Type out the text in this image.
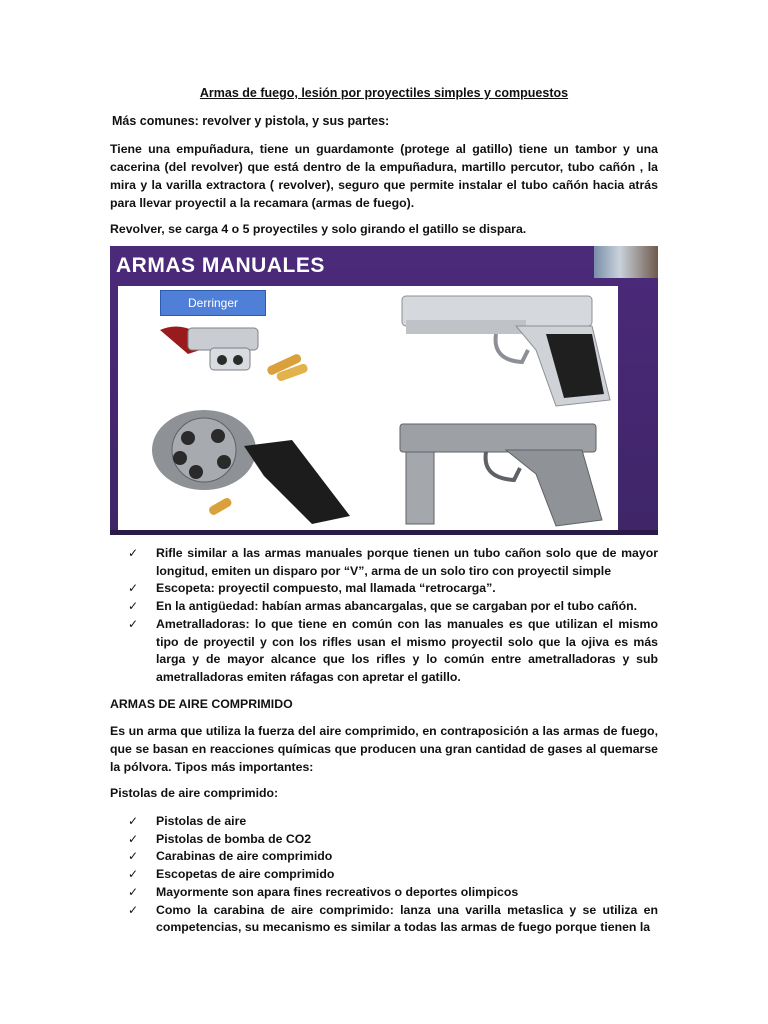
Armas de fuego, lesión por proyectiles simples y compuestos
Más comunes: revolver y pistola, y sus partes:
Tiene una empuñadura, tiene un guardamonte (protege al gatillo) tiene un tambor y una cacerina (del revolver) que está dentro de la empuñadura, martillo percutor, tubo cañón , la mira y la varilla extractora ( revolver), seguro que permite instalar el tubo cañón hacia atrás para llevar proyectil a la recamara (armas de fuego).
Revolver, se carga 4 o 5 proyectiles y solo girando el gatillo se dispara.
ARMAS MANUALES
Derringer
✓ Rifle similar a las armas manuales porque tienen un tubo cañon solo que de mayor longitud, emiten un disparo por “V”, arma de un solo tiro con proyectil simple
✓ Escopeta: proyectil compuesto, mal llamada “retrocarga”.
✓ En la antigüedad: habían armas abancargalas, que se cargaban por el tubo cañón.
✓ Ametralladoras: lo que tiene en común con las manuales es que utilizan el mismo tipo de proyectil y con los rifles usan el mismo proyectil solo que la ojiva es más larga y de mayor alcance que los rifles y lo común entre ametralladoras y sub ametralladoras emiten ráfagas con apretar el gatillo.
ARMAS DE AIRE COMPRIMIDO
Es un arma que utiliza la fuerza del aire comprimido, en contraposición a las armas de fuego, que se basan en reacciones químicas que producen una gran cantidad de gases al quemarse la pólvora. Tipos más importantes:
Pistolas de aire comprimido:
✓ Pistolas de aire
✓ Pistolas de bomba de CO2
✓ Carabinas de aire comprimido
✓ Escopetas de aire comprimido
✓ Mayormente son apara fines recreativos o deportes olimpicos
✓ Como la carabina de aire comprimido: lanza una varilla metaslica y se utiliza en competencias, su mecanismo es similar a todas las armas de fuego porque tienen la
